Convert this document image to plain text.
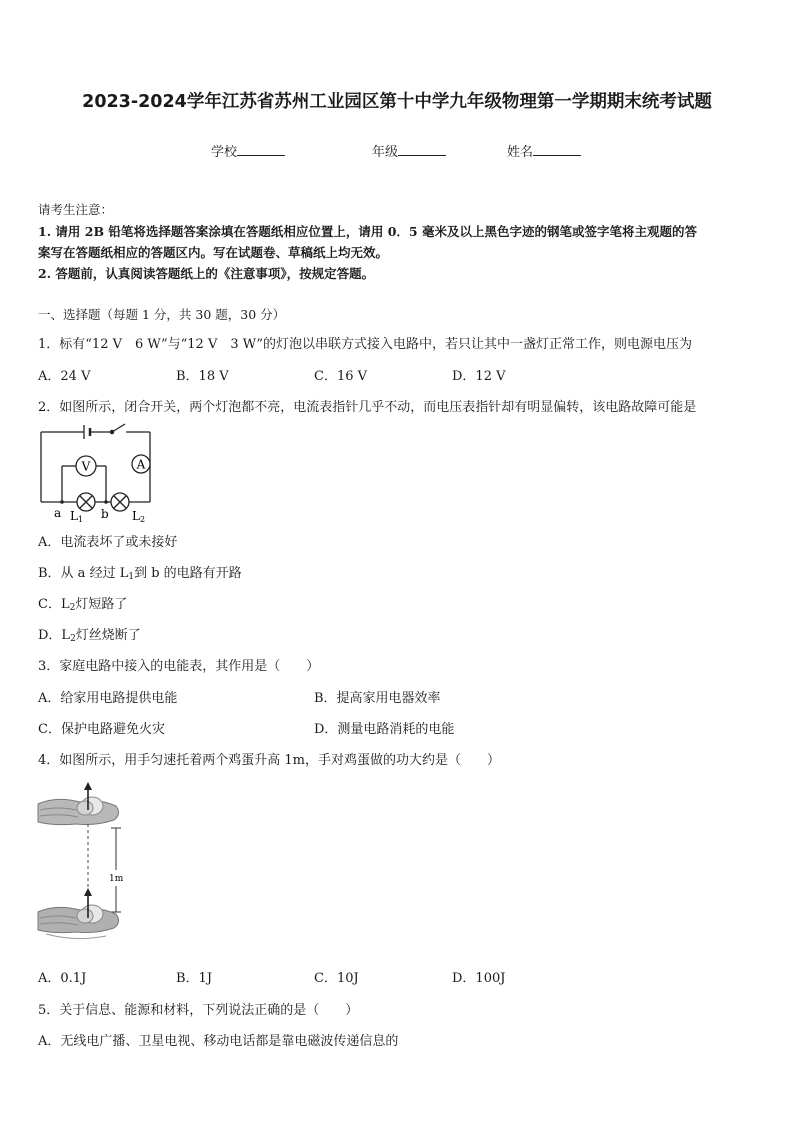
2023-2024学年江苏省苏州工业园区第十中学九年级物理第一学期期末统考试题
学校	年级	姓名
请考生注意：
1. 请用 2B 铅笔将选择题答案涂填在答题纸相应位置上，请用 0．5 毫米及以上黑色字迹的钢笔或签字笔将主观题的答
案写在答题纸相应的答题区内。写在试题卷、草稿纸上均无效。
2. 答题前，认真阅读答题纸上的《注意事项》，按规定答题。
一、选择题（每题 1 分，共 30 题，30 分）
1．标有“12 V　6 W”与“12 V　3 W”的灯泡以串联方式接入电路中，若只让其中一盏灯正常工作，则电源电压为
A．24 V	B．18 V	C．16 V	D．12 V
2．如图所示，闭合开关，两个灯泡都不亮，电流表指针几乎不动，而电压表指针却有明显偏转，该电路故障可能是
V	A
a	b
L1	L2
A．电流表坏了或未接好
B．从 a 经过 $L_1$到 b 的电路有开路
C．$L_2$灯短路了
D．$L_2$灯丝烧断了
3．家庭电路中接入的电能表，其作用是（　　）
A．给家用电路提供电能	B．提高家用电器效率
C．保护电路避免火灾	D．测量电路消耗的电能
4．如图所示，用手匀速托着两个鸡蛋升高 1m，手对鸡蛋做的功大约是（　　）
1m
A．0.1J	B．1J	C．10J	D．100J
5．关于信息、能源和材料，下列说法正确的是（　　）
A．无线电广播、卫星电视、移动电话都是靠电磁波传递信息的
